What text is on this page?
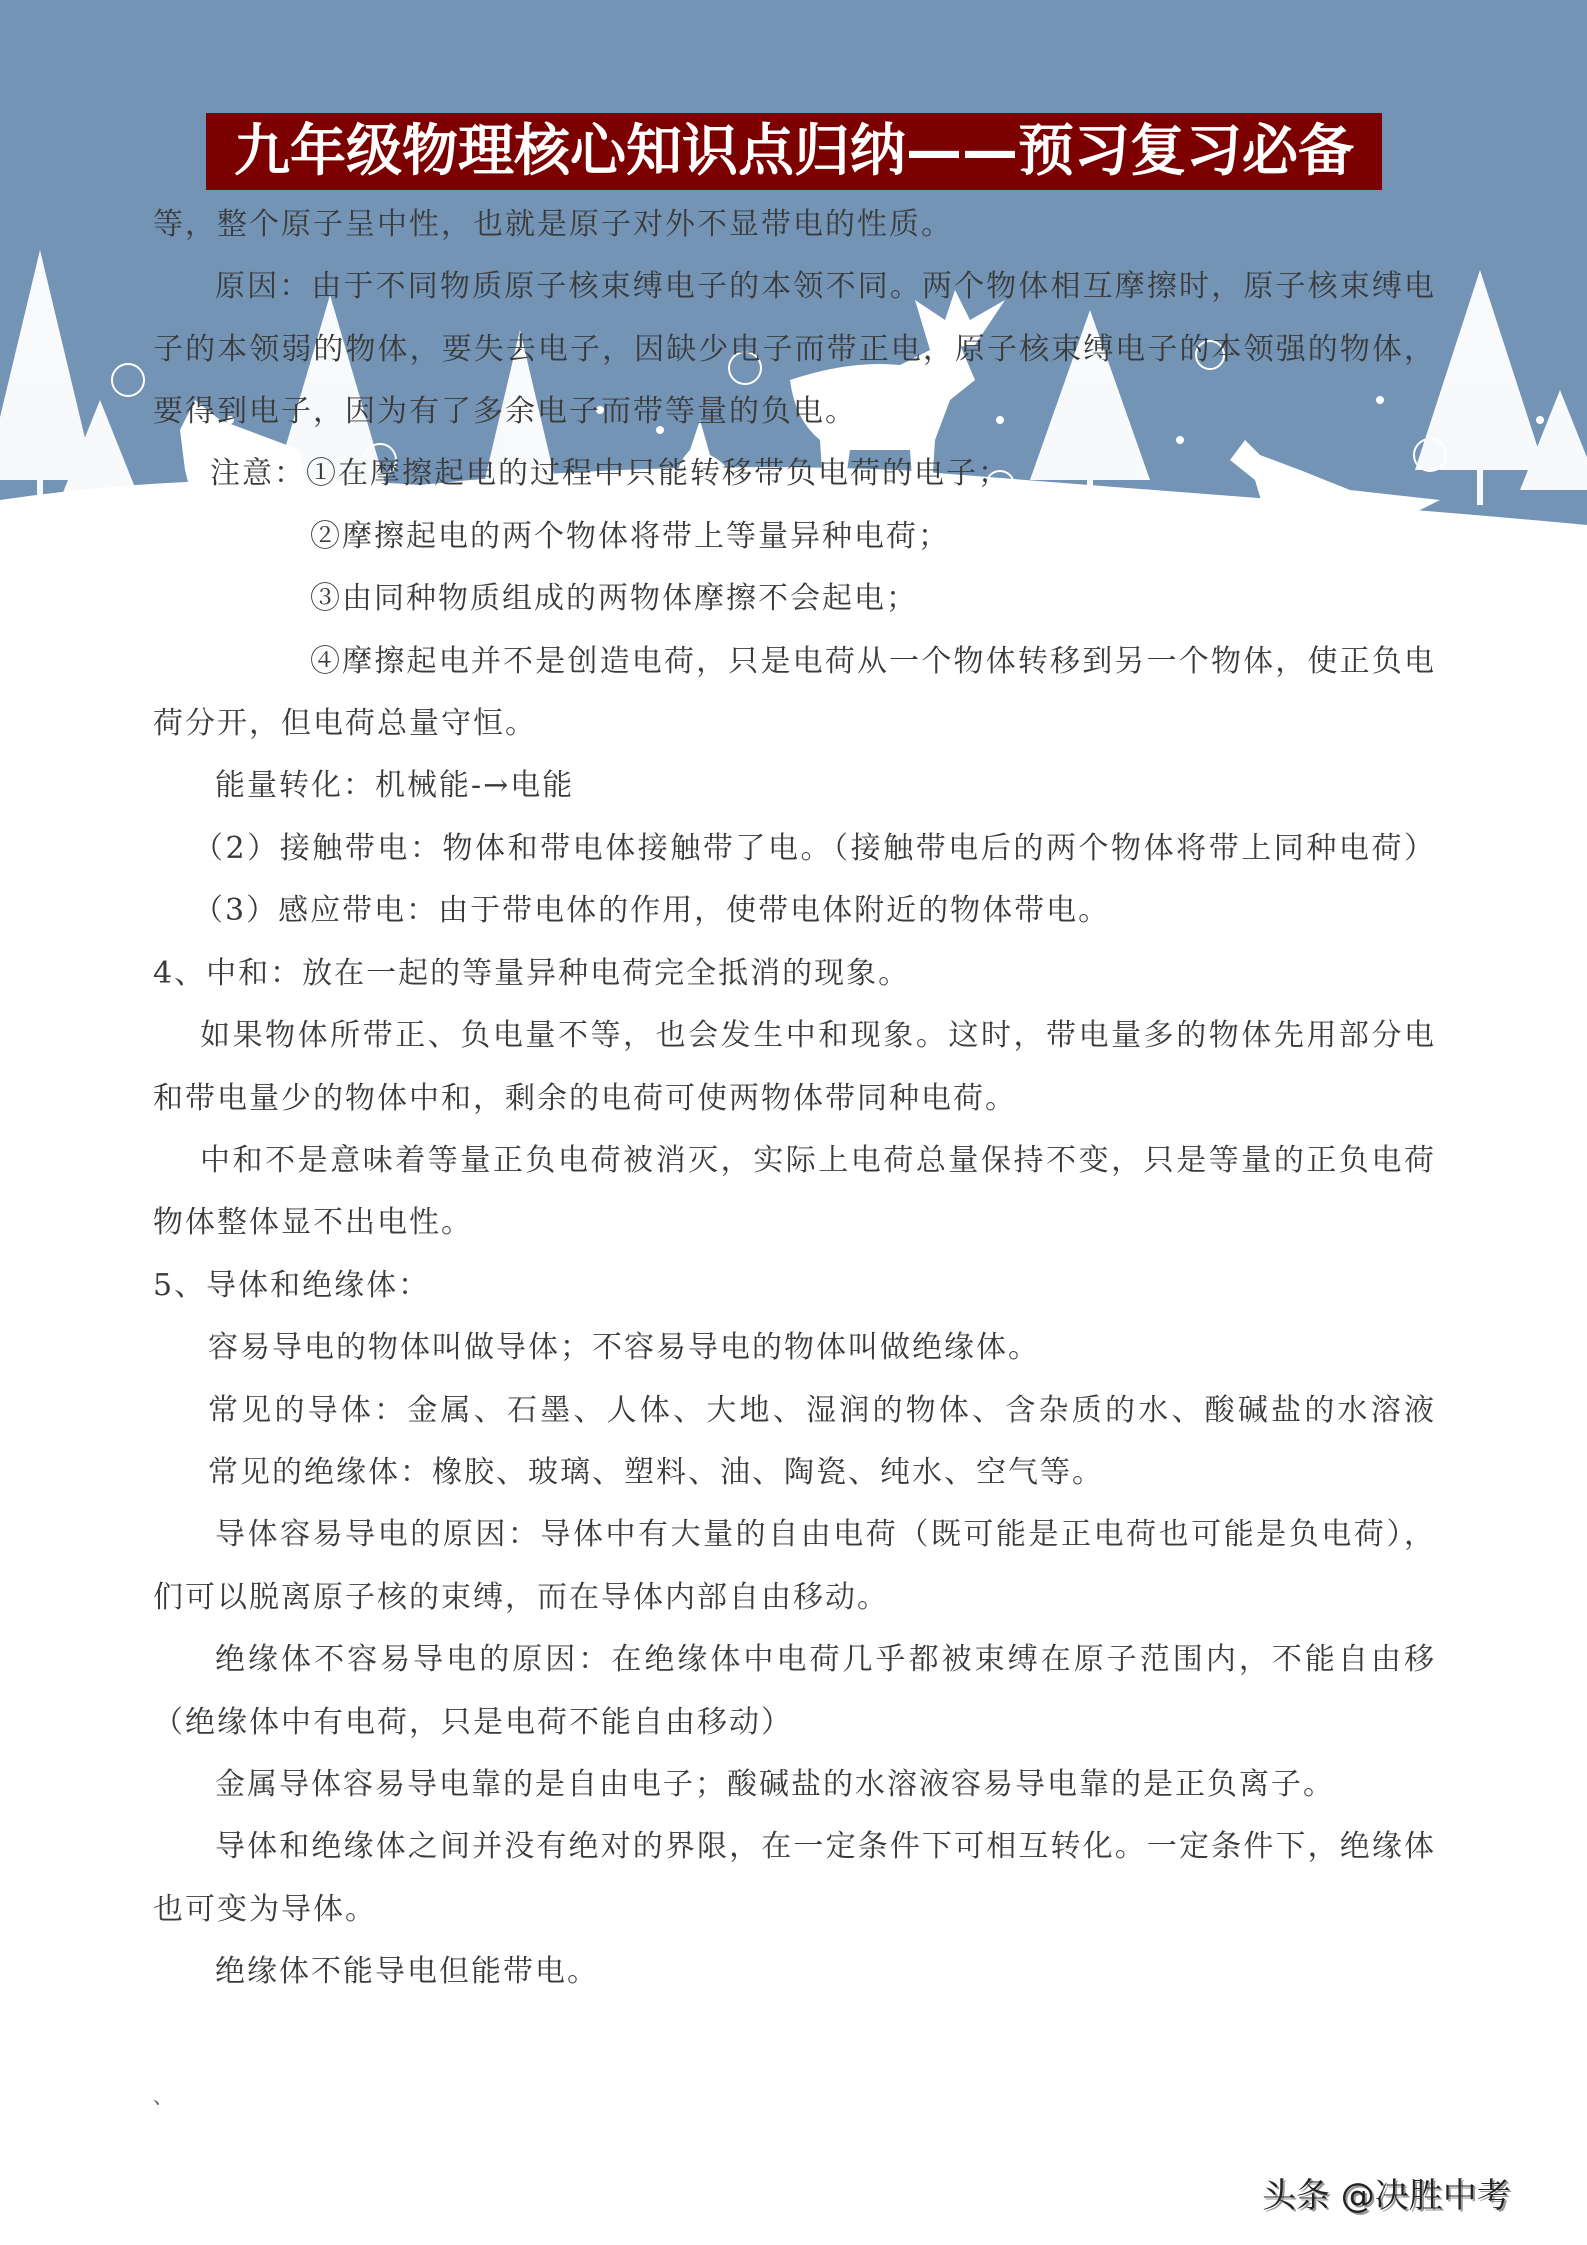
九年级物理核心知识点归纳——预习复习必备
等，整个原子呈中性，也就是原子对外不显带电的性质。
原因：由于不同物质原子核束缚电子的本领不同。两个物体相互摩擦时，原子核束缚电
子的本领弱的物体，要失去电子，因缺少电子而带正电，原子核束缚电子的本领强的物体，
要得到电子，因为有了多余电子而带等量的负电。
注意：①在摩擦起电的过程中只能转移带负电荷的电子；
②摩擦起电的两个物体将带上等量异种电荷；
③由同种物质组成的两物体摩擦不会起电；
④摩擦起电并不是创造电荷，只是电荷从一个物体转移到另一个物体，使正负电
荷分开，但电荷总量守恒。
能量转化：机械能-→电能
（2）接触带电：物体和带电体接触带了电。（接触带电后的两个物体将带上同种电荷）
（3）感应带电：由于带电体的作用，使带电体附近的物体带电。
4、中和：放在一起的等量异种电荷完全抵消的现象。
如果物体所带正、负电量不等，也会发生中和现象。这时，带电量多的物体先用部分电
和带电量少的物体中和，剩余的电荷可使两物体带同种电荷。
中和不是意味着等量正负电荷被消灭，实际上电荷总量保持不变，只是等量的正负电荷
物体整体显不出电性。
5、导体和绝缘体：
容易导电的物体叫做导体；不容易导电的物体叫做绝缘体。
常见的导体：金属、石墨、人体、大地、湿润的物体、含杂质的水、酸碱盐的水溶液
常见的绝缘体：橡胶、玻璃、塑料、油、陶瓷、纯水、空气等。
导体容易导电的原因：导体中有大量的自由电荷（既可能是正电荷也可能是负电荷），
们可以脱离原子核的束缚，而在导体内部自由移动。
绝缘体不容易导电的原因：在绝缘体中电荷几乎都被束缚在原子范围内，不能自由移
（绝缘体中有电荷，只是电荷不能自由移动）
金属导体容易导电靠的是自由电子；酸碱盐的水溶液容易导电靠的是正负离子。
导体和绝缘体之间并没有绝对的界限，在一定条件下可相互转化。一定条件下，绝缘体
也可变为导体。
绝缘体不能导电但能带电。
、
头条 @决胜中考
